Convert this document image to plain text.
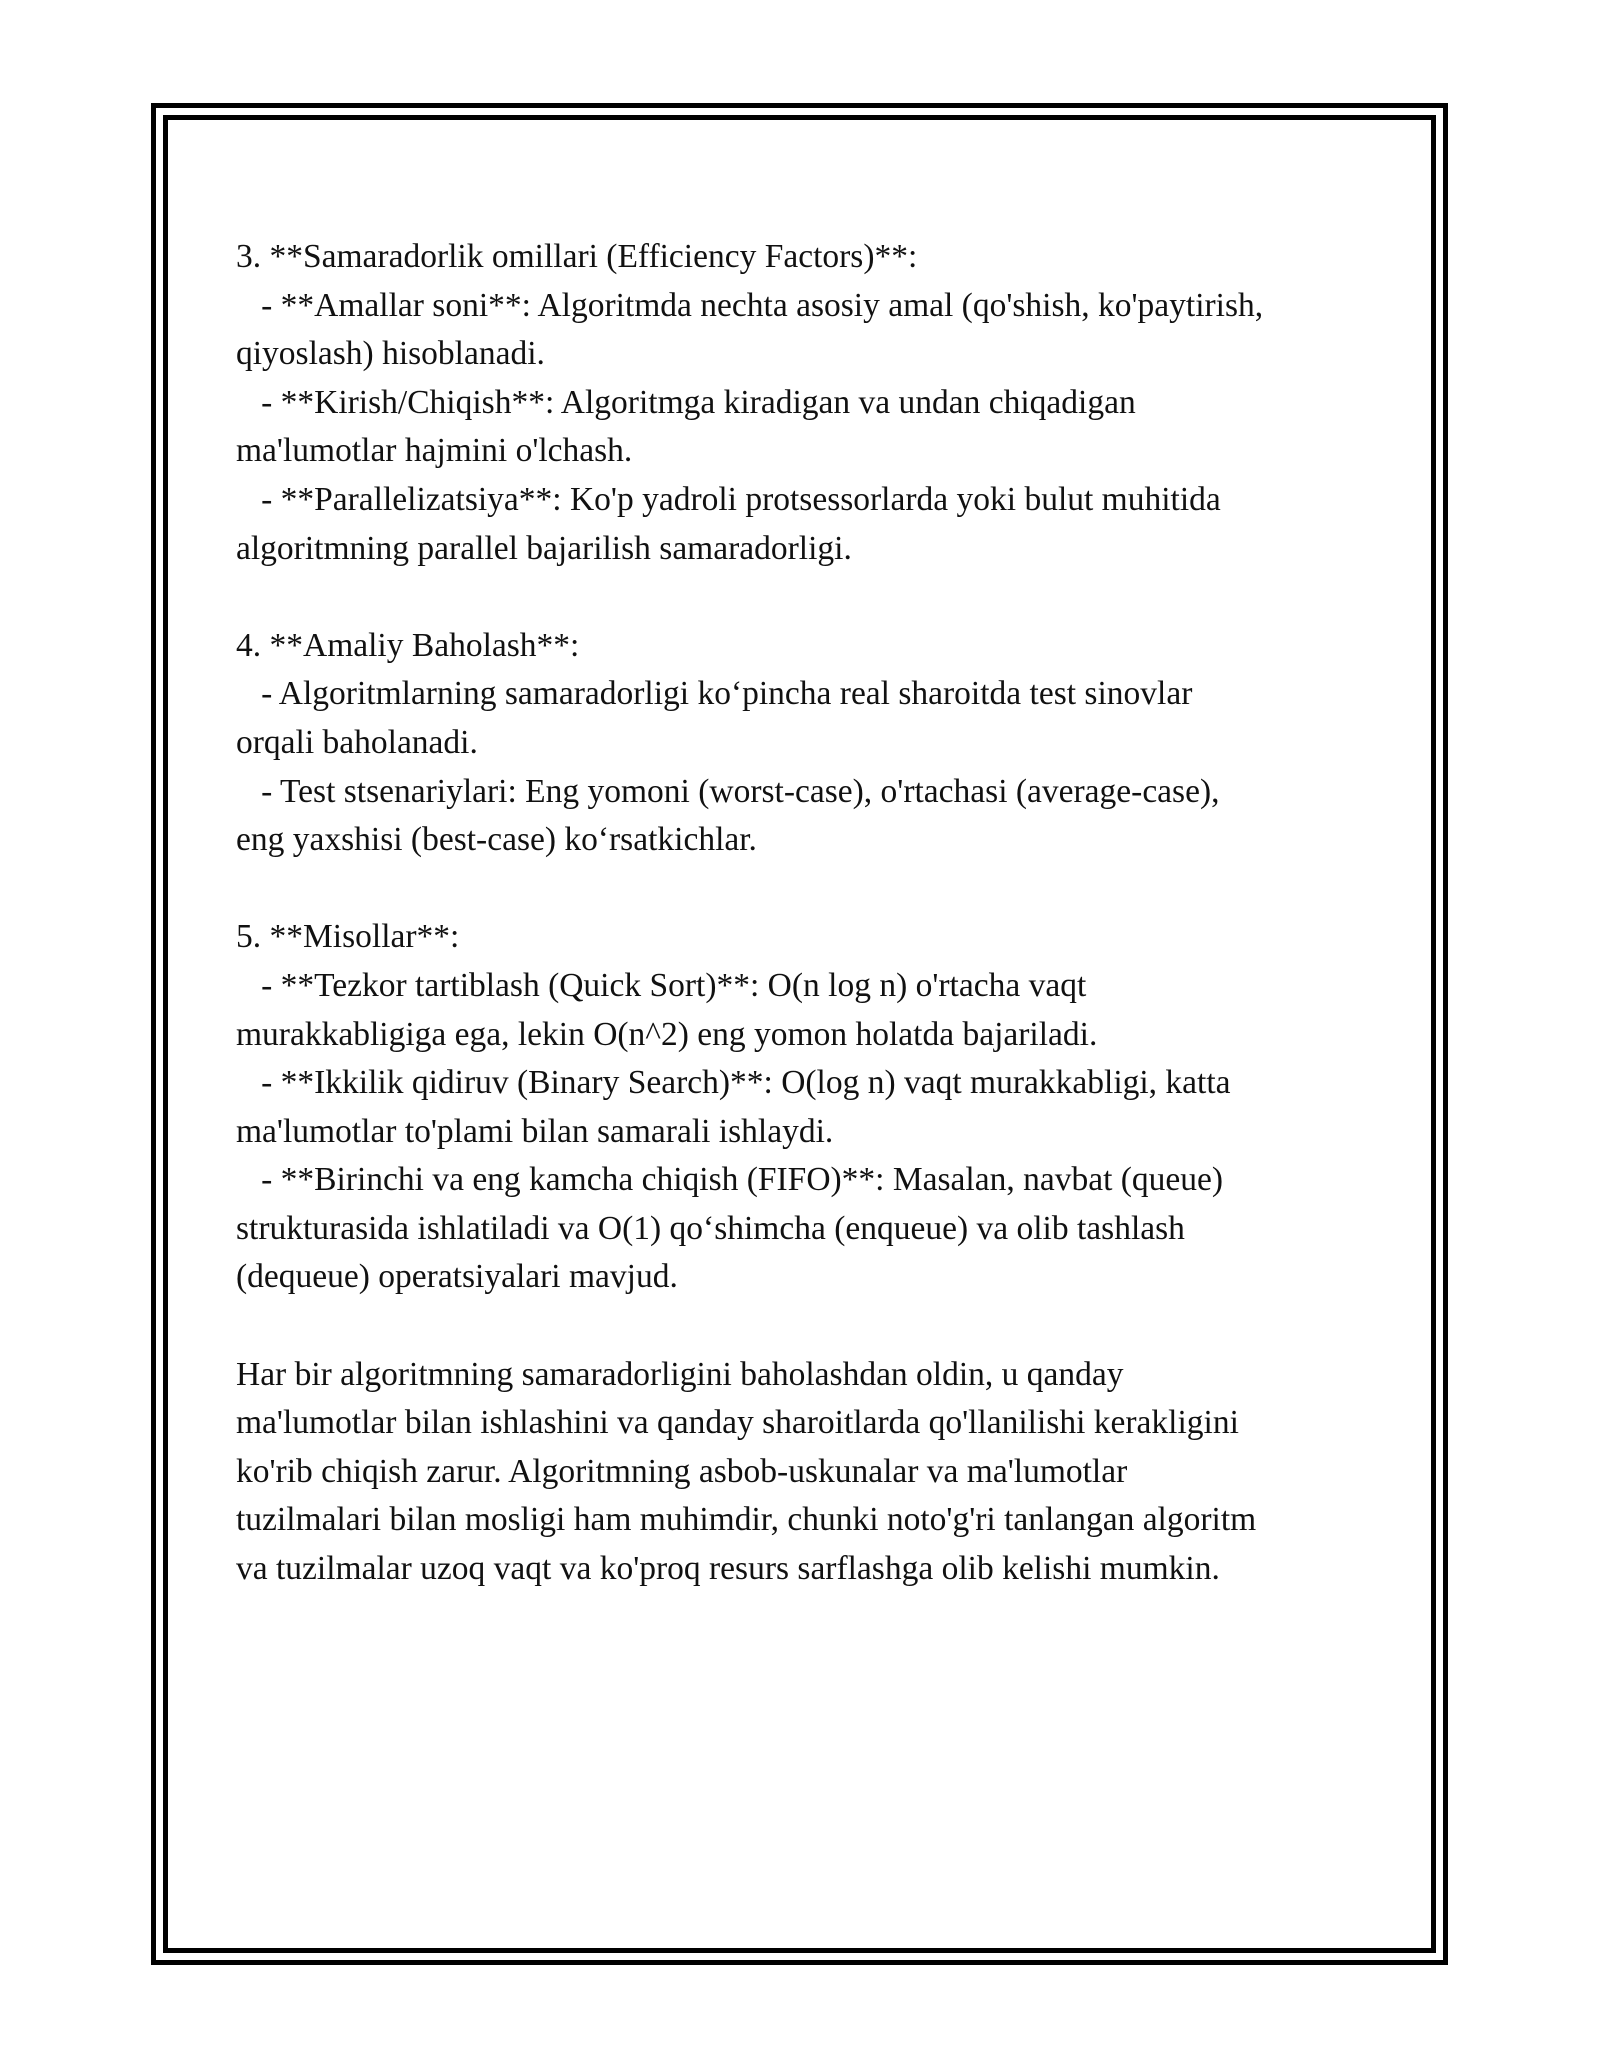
3. **Samaradorlik omillari (Efficiency Factors)**:
- **Amallar soni**: Algoritmda nechta asosiy amal (qo'shish, ko'paytirish,
qiyoslash) hisoblanadi.
- **Kirish/Chiqish**: Algoritmga kiradigan va undan chiqadigan
ma'lumotlar hajmini o'lchash.
- **Parallelizatsiya**: Ko'p yadroli protsessorlarda yoki bulut muhitida
algoritmning parallel bajarilish samaradorligi.
4. **Amaliy Baholash**:
- Algoritmlarning samaradorligi koʻpincha real sharoitda test sinovlar
orqali baholanadi.
- Test stsenariylari: Eng yomoni (worst-case), o'rtachasi (average-case),
eng yaxshisi (best-case) koʻrsatkichlar.
5. **Misollar**:
- **Tezkor tartiblash (Quick Sort)**: O(n log n) o'rtacha vaqt
murakkabligiga ega, lekin O(n^2) eng yomon holatda bajariladi.
- **Ikkilik qidiruv (Binary Search)**: O(log n) vaqt murakkabligi, katta
ma'lumotlar to'plami bilan samarali ishlaydi.
- **Birinchi va eng kamcha chiqish (FIFO)**: Masalan, navbat (queue)
strukturasida ishlatiladi va O(1) qoʻshimcha (enqueue) va olib tashlash
(dequeue) operatsiyalari mavjud.
Har bir algoritmning samaradorligini baholashdan oldin, u qanday
ma'lumotlar bilan ishlashini va qanday sharoitlarda qo'llanilishi kerakligini
ko'rib chiqish zarur. Algoritmning asbob-uskunalar va ma'lumotlar
tuzilmalari bilan mosligi ham muhimdir, chunki noto'g'ri tanlangan algoritm
va tuzilmalar uzoq vaqt va ko'proq resurs sarflashga olib kelishi mumkin.
